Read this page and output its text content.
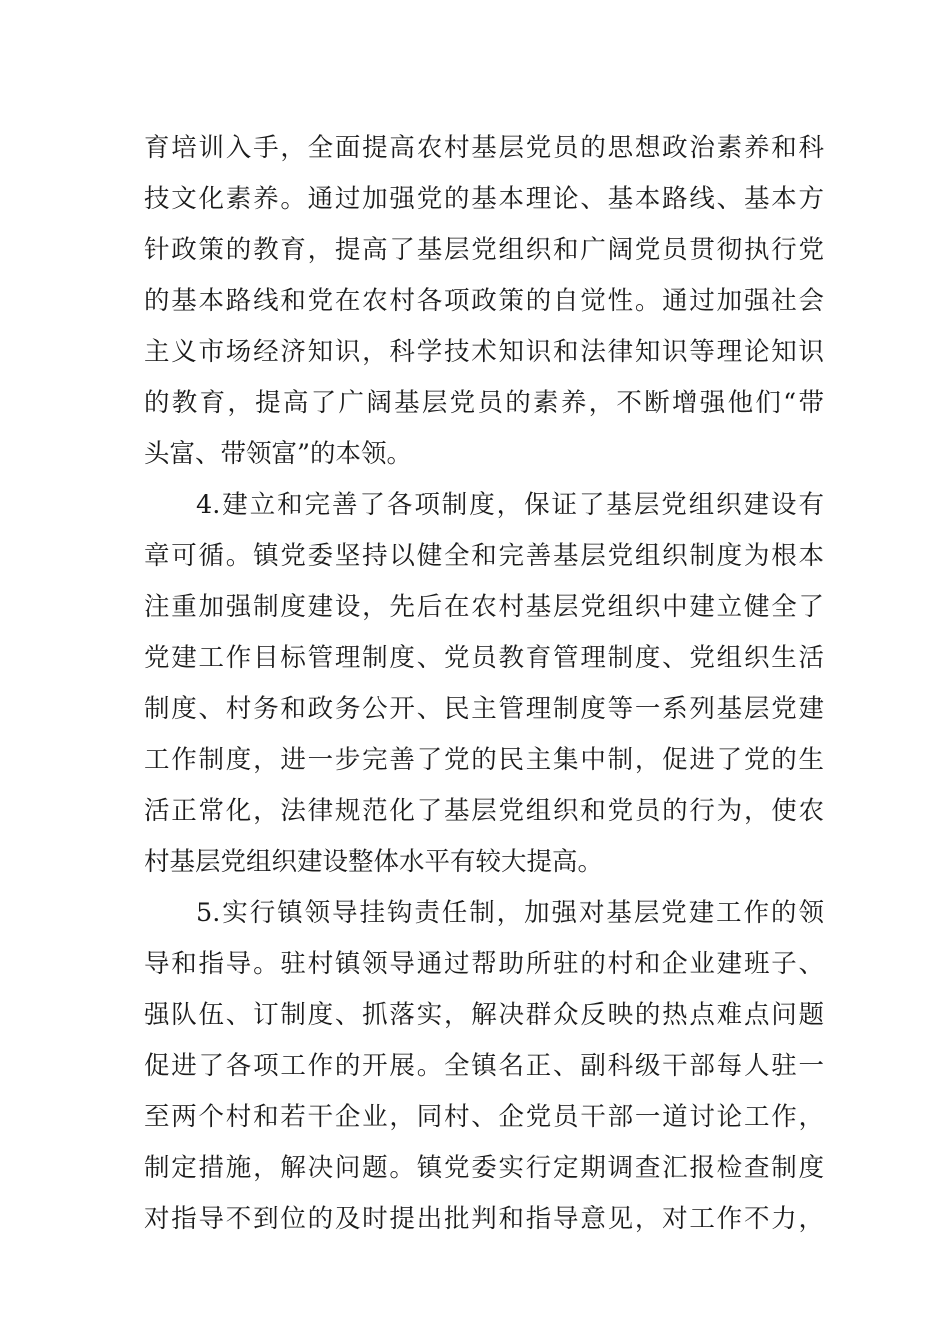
育培训入手，全面提高农村基层党员的思想政治素养和科
技文化素养。通过加强党的基本理论、基本路线、基本方
针政策的教育，提高了基层党组织和广阔党员贯彻执行党
的基本路线和党在农村各项政策的自觉性。通过加强社会
主义市场经济知识，科学技术知识和法律知识等理论知识
的教育，提高了广阔基层党员的素养，不断增强他们“带
头富、带领富”的本领。
4.建立和完善了各项制度，保证了基层党组织建设有
章可循。镇党委坚持以健全和完善基层党组织制度为根本
注重加强制度建设，先后在农村基层党组织中建立健全了
党建工作目标管理制度、党员教育管理制度、党组织生活
制度、村务和政务公开、民主管理制度等一系列基层党建
工作制度，进一步完善了党的民主集中制，促进了党的生
活正常化，法律规范化了基层党组织和党员的行为，使农
村基层党组织建设整体水平有较大提高。
5.实行镇领导挂钩责任制，加强对基层党建工作的领
导和指导。驻村镇领导通过帮助所驻的村和企业建班子、
强队伍、订制度、抓落实，解决群众反映的热点难点问题
促进了各项工作的开展。全镇名正、副科级干部每人驻一
至两个村和若干企业，同村、企党员干部一道讨论工作，
制定措施，解决问题。镇党委实行定期调查汇报检查制度
对指导不到位的及时提出批判和指导意见，对工作不力，
